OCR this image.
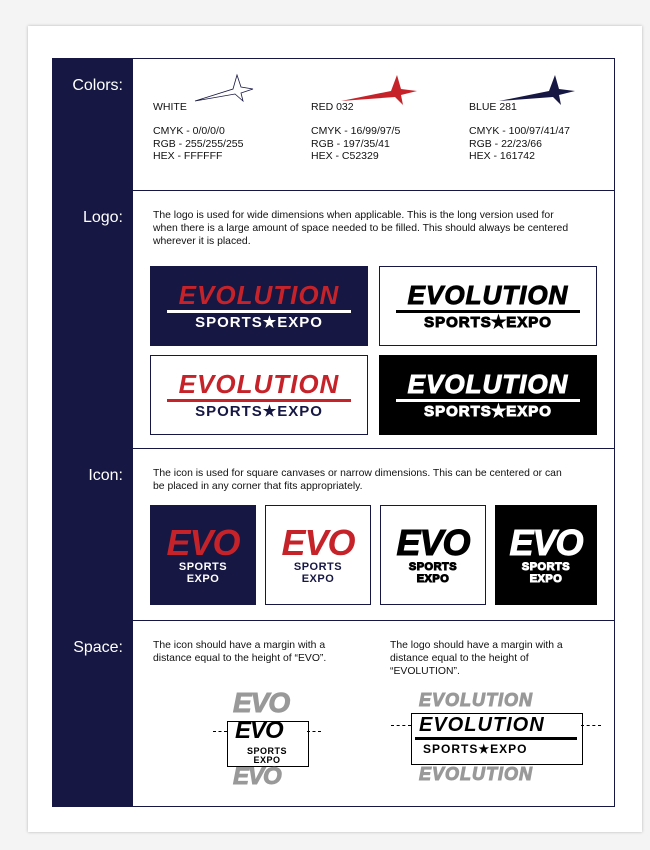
Colors:
WHITE
CMYK - 0/0/0/0
RGB - 255/255/255
HEX - FFFFFF
RED 032
CMYK - 16/99/97/5
RGB - 197/35/41
HEX - C52329
BLUE 281
CMYK - 100/97/41/47
RGB - 22/23/66
HEX - 161742
Logo:	The logo is used for wide dimensions when applicable. This is the long version used for when there is a large amount of space needed to be filled. This should always be centered wherever it is placed.
EVOLUTION
SPORTS★EXPO
EVOLUTION
SPORTS★EXPO
EVOLUTION
SPORTS★EXPO
EVOLUTION
SPORTS★EXPO
Icon:	The icon is used for square canvases or narrow dimensions. This can be centered or can be placed in any corner that fits appropriately.
EVO
SPORTS
EXPO
EVO
SPORTS
EXPO
EVO
SPORTS
EXPO
EVO
SPORTS
EXPO
Space:	The icon should have a margin with a distance equal to the height of “EVO”.
The logo should have a margin with a distance equal to the height of “EVOLUTION”.
EVO
EVO
SPORTS
EXPO
EVO
EVOLUTION
EVOLUTION
SPORTS★EXPO
EVOLUTION
